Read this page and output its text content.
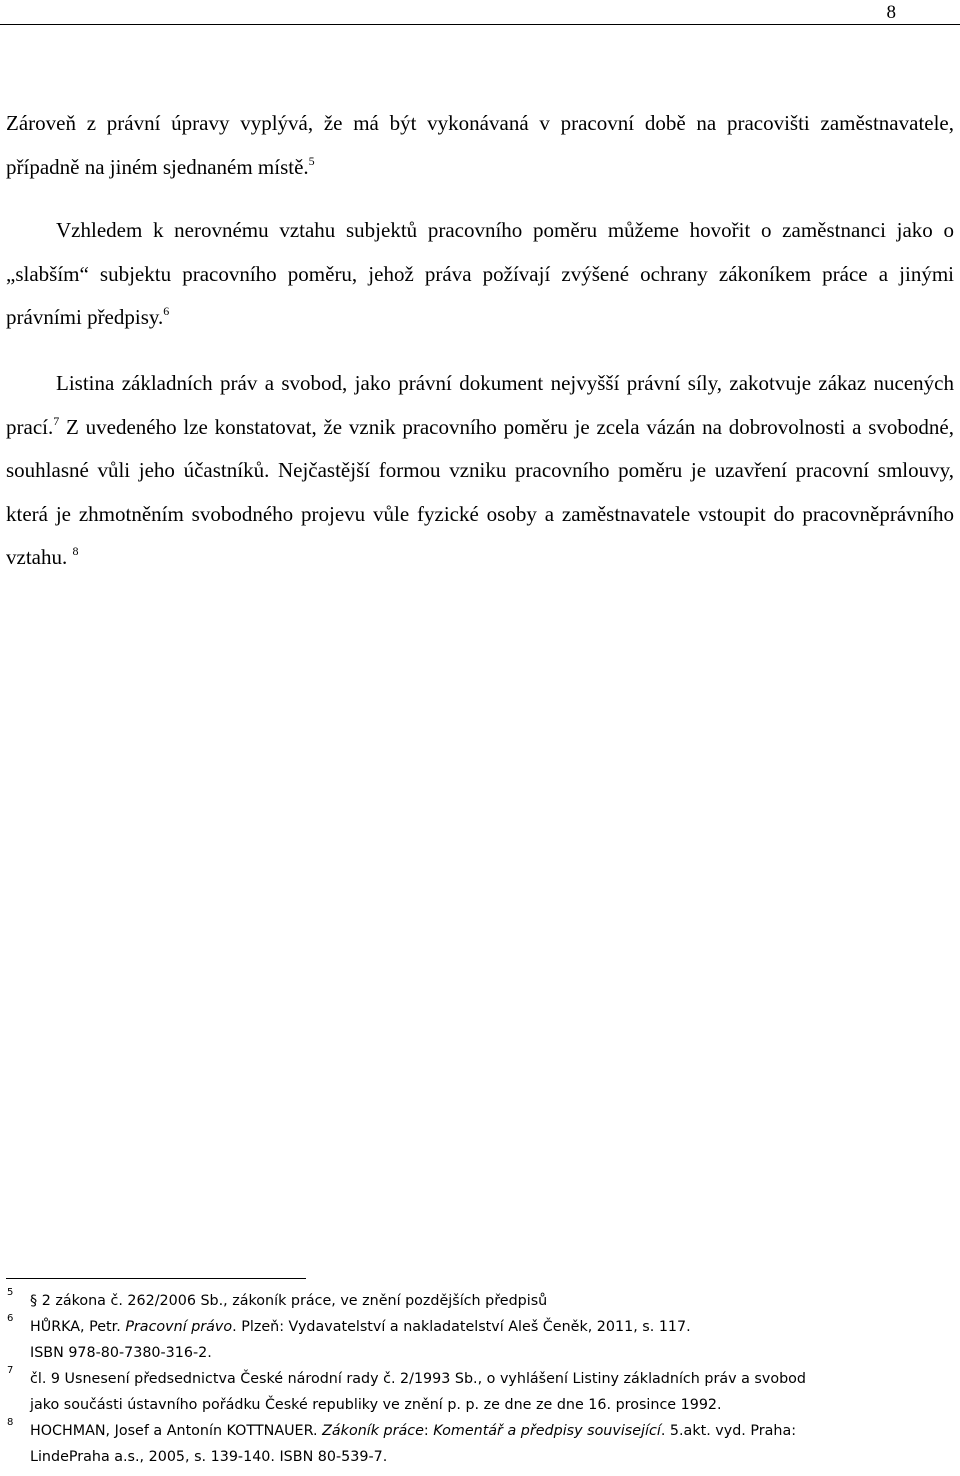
8

Zároveň z právní úpravy vyplývá, že má být vykonávaná v pracovní době na pracovišti zaměstnavatele, případně na jiném sjednaném místě.$^5$

Vzhledem k nerovnému vztahu subjektů pracovního poměru můžeme hovořit o zaměstnanci jako o „slabším“ subjektu pracovního poměru, jehož práva požívají zvýšené ochrany zákoníkem práce a jinými právními předpisy.$^6$

Listina základních práv a svobod, jako právní dokument nejvyšší právní síly, zakotvuje zákaz nucených prací.$^7$ Z uvedeného lze konstatovat, že vznik pracovního poměru je zcela vázán na dobrovolnosti a svobodné, souhlasné vůli jeho účastníků. Nejčastější formou vzniku pracovního poměru je uzavření pracovní smlouvy, která je zhmotněním svobodného projevu vůle fyzické osoby a zaměstnavatele vstoupit do pracovněprávního vztahu. $^8$

5
§ 2 zákona č. 262/2006 Sb., zákoník práce, ve znění pozdějších předpisů
6
HŮRKA, Petr. Pracovní právo. Plzeň: Vydavatelství a nakladatelství Aleš Čeněk, 2011, s. 117.
ISBN 978-80-7380-316-2.
7
čl. 9 Usnesení předsednictva České národní rady č. 2/1993 Sb., o vyhlášení Listiny základních práv a svobod
jako součásti ústavního pořádku České republiky ve znění p. p. ze dne ze dne 16. prosince 1992.
8
HOCHMAN, Josef a Antonín KOTTNAUER. Zákoník práce: Komentář a předpisy související. 5.akt. vyd. Praha:
LindePraha a.s., 2005, s. 139-140. ISBN 80-539-7.
